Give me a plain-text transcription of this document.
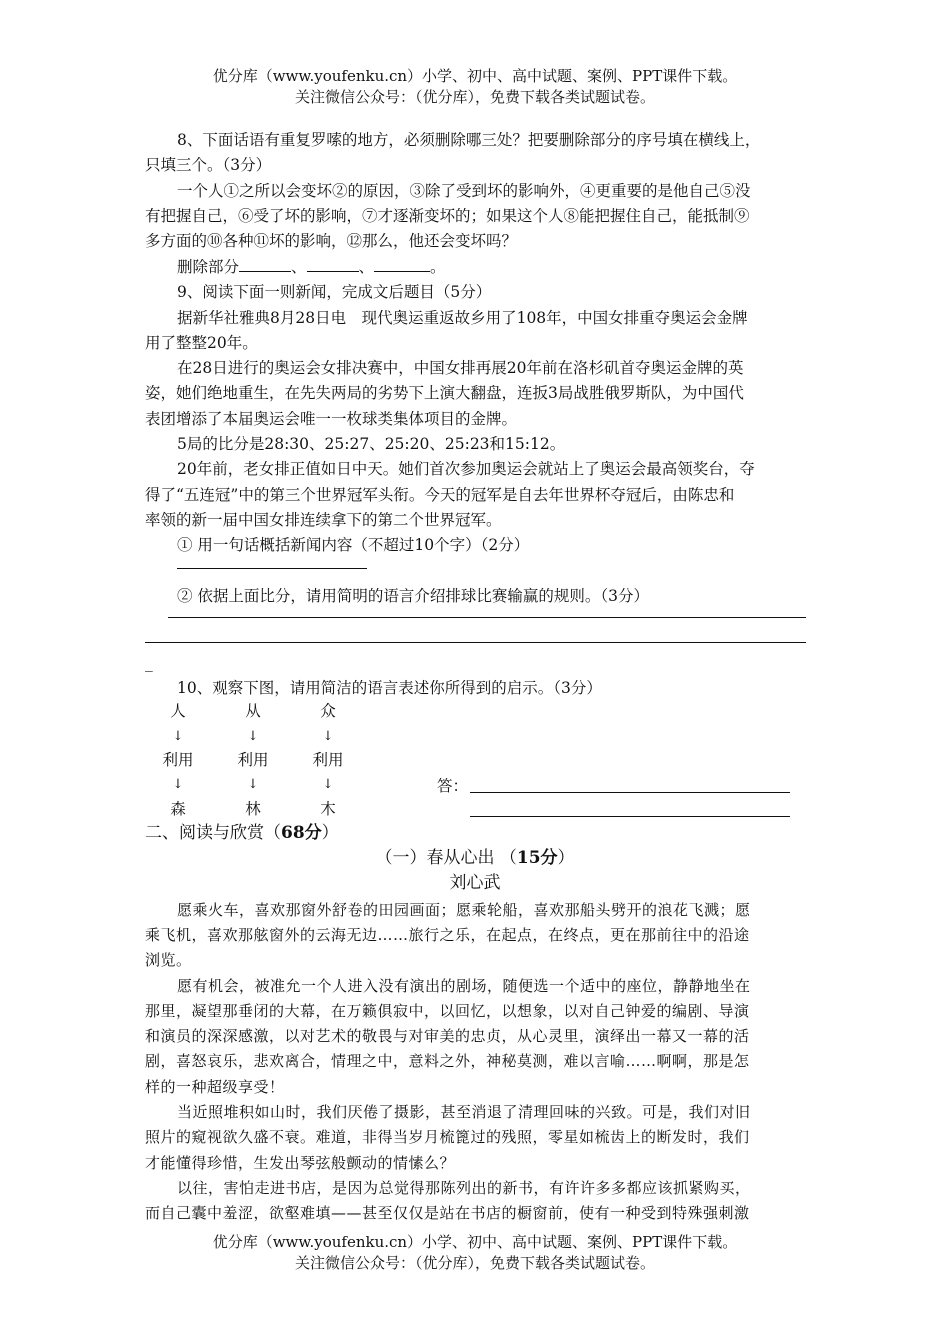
优分库（www.youfenku.cn）小学、初中、高中试题、案例、PPT课件下载。
关注微信公众号：（优分库），免费下载各类试题试卷。
8、下面话语有重复罗嗦的地方，必须删除哪三处？把要删除部分的序号填在横线上，
只填三个。（3分）
一个人①之所以会变坏②的原因，③除了受到坏的影响外，④更重要的是他自己⑤没
有把握自己，⑥受了坏的影响，⑦才逐渐变坏的；如果这个人⑧能把握住自己，能抵制⑨
多方面的⑩各种⑪坏的影响，⑫那么，他还会变坏吗？
删除部分	、	、	。
9、阅读下面一则新闻，完成文后题目（5分）
据新华社雅典8月28日电　现代奥运重返故乡用了108年，中国女排重夺奥运会金牌
用了整整20年。
在28日进行的奥运会女排决赛中，中国女排再展20年前在洛杉矶首夺奥运金牌的英
姿，她们绝地重生，在先失两局的劣势下上演大翻盘，连扳3局战胜俄罗斯队，为中国代
表团增添了本届奥运会唯一一枚球类集体项目的金牌。
5局的比分是28:30、25:27、25:20、25:23和15:12。
20年前，老女排正值如日中天。她们首次参加奥运会就站上了奥运会最高领奖台，夺
得了“五连冠”中的第三个世界冠军头衔。今天的冠军是自去年世界杯夺冠后，由陈忠和
率领的新一届中国女排连续拿下的第二个世界冠军。
① 用一句话概括新闻内容（不超过10个字）（2分）
② 依据上面比分，请用简明的语言介绍排球比赛输赢的规则。（3分）
_
10、观察下图，请用简洁的语言表述你所得到的启示。（3分）
人	从	众
↓	↓	↓
利用	利用	利用
↓	↓	↓
森	林	木
答：
二、阅读与欣赏（68分）
（一）春从心出 （15分）
刘心武
愿乘火车，喜欢那窗外舒卷的田园画面；愿乘轮船，喜欢那船头劈开的浪花飞溅；愿
乘飞机，喜欢那舷窗外的云海无边……旅行之乐，在起点，在终点，更在那前往中的沿途
浏览。
愿有机会，被准允一个人进入没有演出的剧场，随便选一个适中的座位，静静地坐在
那里，凝望那垂闭的大幕，在万籁俱寂中，以回忆，以想象，以对自己钟爱的编剧、导演
和演员的深深感激，以对艺术的敬畏与对审美的忠贞，从心灵里，演绎出一幕又一幕的活
剧，喜怒哀乐，悲欢离合，情理之中，意料之外，神秘莫测，难以言喻……啊啊，那是怎
样的一种超级享受！
当近照堆积如山时，我们厌倦了摄影，甚至消退了清理回味的兴致。可是，我们对旧
照片的窥视欲久盛不衰。难道，非得当岁月梳篦过的残照，零星如梳齿上的断发时，我们
才能懂得珍惜，生发出琴弦般颤动的情愫么？
以往，害怕走进书店，是因为总觉得那陈列出的新书，有许许多多都应该抓紧购买，
而自己囊中羞涩，欲壑难填——甚至仅仅是站在书店的橱窗前，使有一种受到特殊强刺激
优分库（www.youfenku.cn）小学、初中、高中试题、案例、PPT课件下载。
关注微信公众号：（优分库），免费下载各类试题试卷。
